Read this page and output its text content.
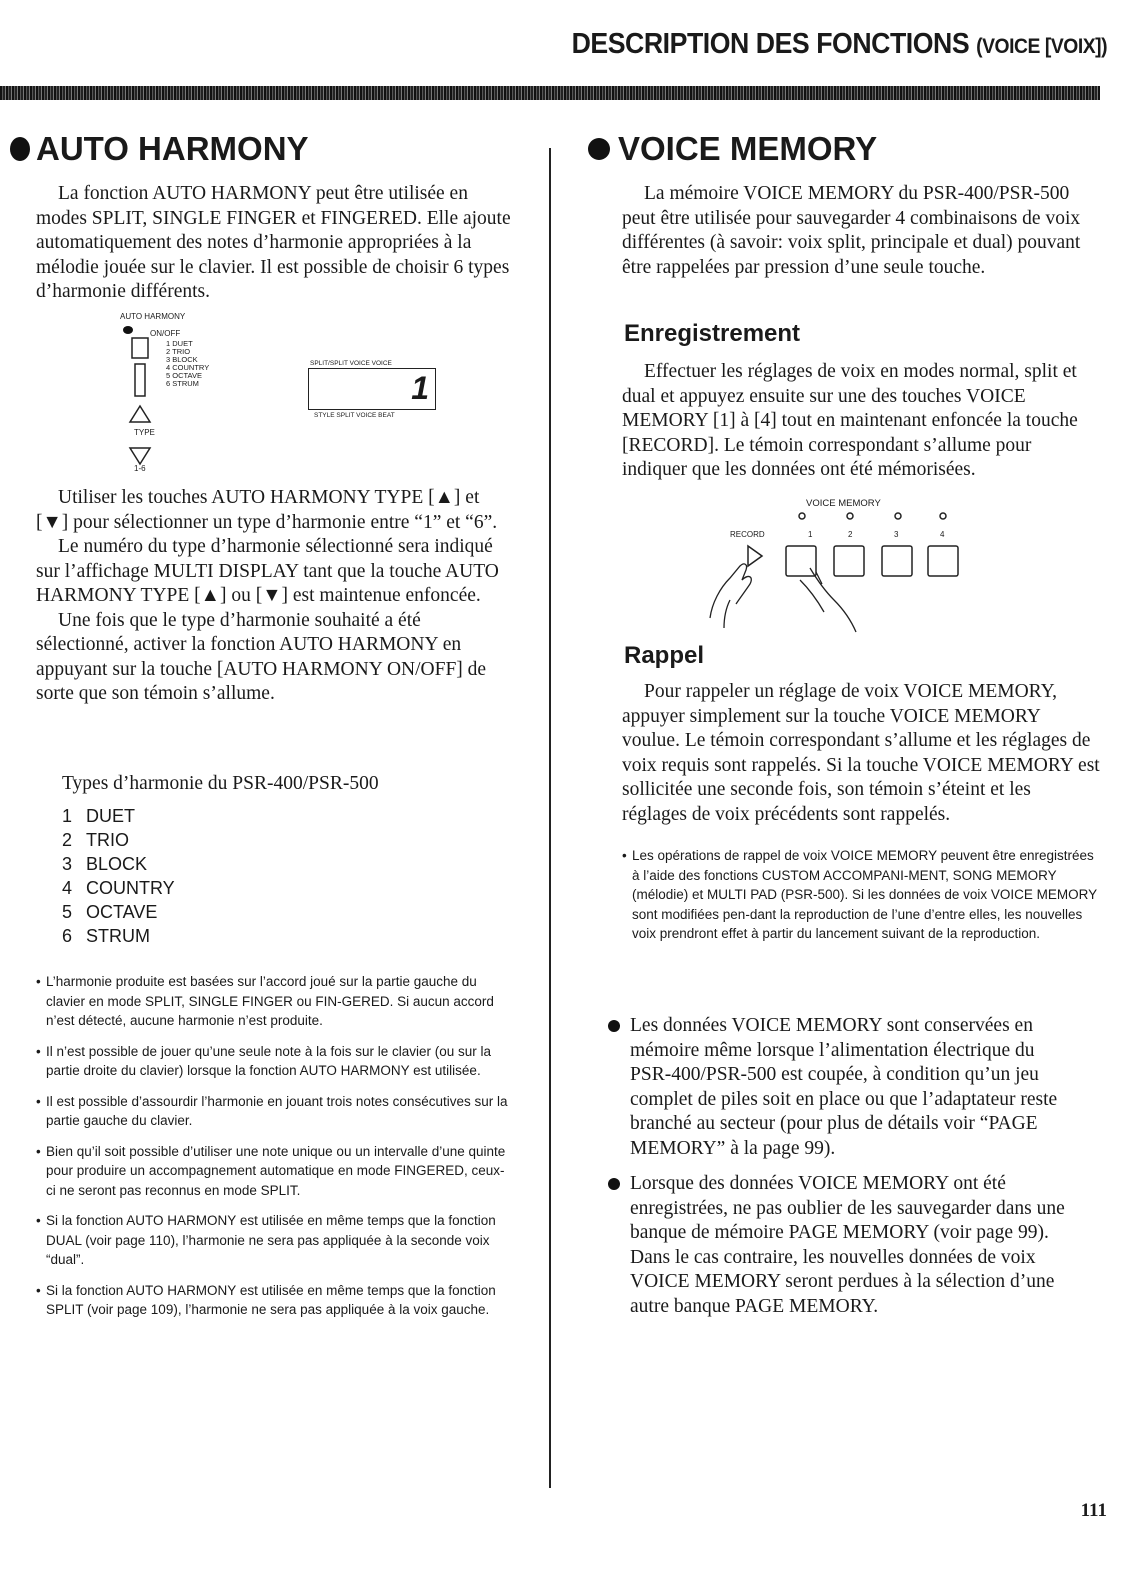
DESCRIPTION DES FONCTIONS (VOICE [VOIX])
AUTO HARMONY

La fonction AUTO HARMONY peut être utilisée en modes SPLIT, SINGLE FINGER et FINGERED. Elle ajoute automatiquement des notes d’harmonie appropriées à la mélodie jouée sur le clavier. Il est possible de choisir 6 types d’harmonie différents.

AUTO HARMONY
ON/OFF
1 DUET
2 TRIO
3 BLOCK
4 COUNTRY
5 OCTAVE
6 STRUM
TYPE
1-6
SPLIT/SPLIT VOICE VOICE
1
STYLE SPLIT VOICE BEAT

Utiliser les touches AUTO HARMONY TYPE [▲] et [▼] pour sélectionner un type d’harmonie entre “1” et “6”.

Le numéro du type d’harmonie sélectionné sera indiqué sur l’affichage MULTI DISPLAY tant que la touche AUTO HARMONY TYPE [▲] ou [▼] est maintenue enfoncée.

Une fois que le type d’harmonie souhaité a été sélectionné, activer la fonction AUTO HARMONY en appuyant sur la touche [AUTO HARMONY ON/OFF] de sorte que son témoin s’allume.

Types d’harmonie du PSR-400/PSR-500
1 DUET
2 TRIO
3 BLOCK
4 COUNTRY
5 OCTAVE
6 STRUM
• L’harmonie produite est basées sur l’accord joué sur la partie gauche du clavier en mode SPLIT, SINGLE FINGER ou FIN-GERED. Si aucun accord n’est détecté, aucune harmonie n’est produite.
• Il n’est possible de jouer qu’une seule note à la fois sur le clavier (ou sur la partie droite du clavier) lorsque la fonction AUTO HARMONY est utilisée.
• Il est possible d’assourdir l’harmonie en jouant trois notes consécutives sur la partie gauche du clavier.
• Bien qu’il soit possible d’utiliser une note unique ou un intervalle d’une quinte pour produire un accompagnement automatique en mode FINGERED, ceux-ci ne seront pas reconnus en mode SPLIT.
• Si la fonction AUTO HARMONY est utilisée en même temps que la fonction DUAL (voir page 110), l’harmonie ne sera pas appliquée à la seconde voix “dual”.
• Si la fonction AUTO HARMONY est utilisée en même temps que la fonction SPLIT (voir page 109), l’harmonie ne sera pas appliquée à la voix gauche.
VOICE MEMORY

La mémoire VOICE MEMORY du PSR-400/PSR-500 peut être utilisée pour sauvegarder 4 combinaisons de voix différentes (à savoir: voix split, principale et dual) pouvant être rappelées par pression d’une seule touche.

Enregistrement

Effectuer les réglages de voix en modes normal, split et dual et appuyez ensuite sur une des touches VOICE MEMORY [1] à [4] tout en maintenant enfoncée la touche [RECORD]. Le témoin correspondant s’allume pour indiquer que les données ont été mémorisées.

VOICE MEMORY
RECORD	1	2	3	4
Rappel

Pour rappeler un réglage de voix VOICE MEMORY, appuyer simplement sur la touche VOICE MEMORY voulue. Le témoin correspondant s’allume et les réglages de voix requis sont rappelés. Si la touche VOICE MEMORY est sollicitée une seconde fois, son témoin s’éteint et les réglages de voix précédents sont rappelés.

• Les opérations de rappel de voix VOICE MEMORY peuvent être enregistrées à l’aide des fonctions CUSTOM ACCOMPANI-MENT, SONG MEMORY (mélodie) et MULTI PAD (PSR-500). Si les données de voix VOICE MEMORY sont modifiées pen-dant la reproduction de l’une d’entre elles, les nouvelles voix prendront effet à partir du lancement suivant de la reproduction.
Les données VOICE MEMORY sont conservées en mémoire même lorsque l’alimentation électrique du PSR-400/PSR-500 est coupée, à condition qu’un jeu complet de piles soit en place ou que l’adaptateur reste branché au secteur (pour plus de détails voir “PAGE MEMORY” à la page 99).
Lorsque des données VOICE MEMORY ont été enregistrées, ne pas oublier de les sauvegarder dans une banque de mémoire PAGE MEMORY (voir page 99). Dans le cas contraire, les nouvelles données de voix VOICE MEMORY seront perdues à la sélection d’une autre banque PAGE MEMORY.
111
